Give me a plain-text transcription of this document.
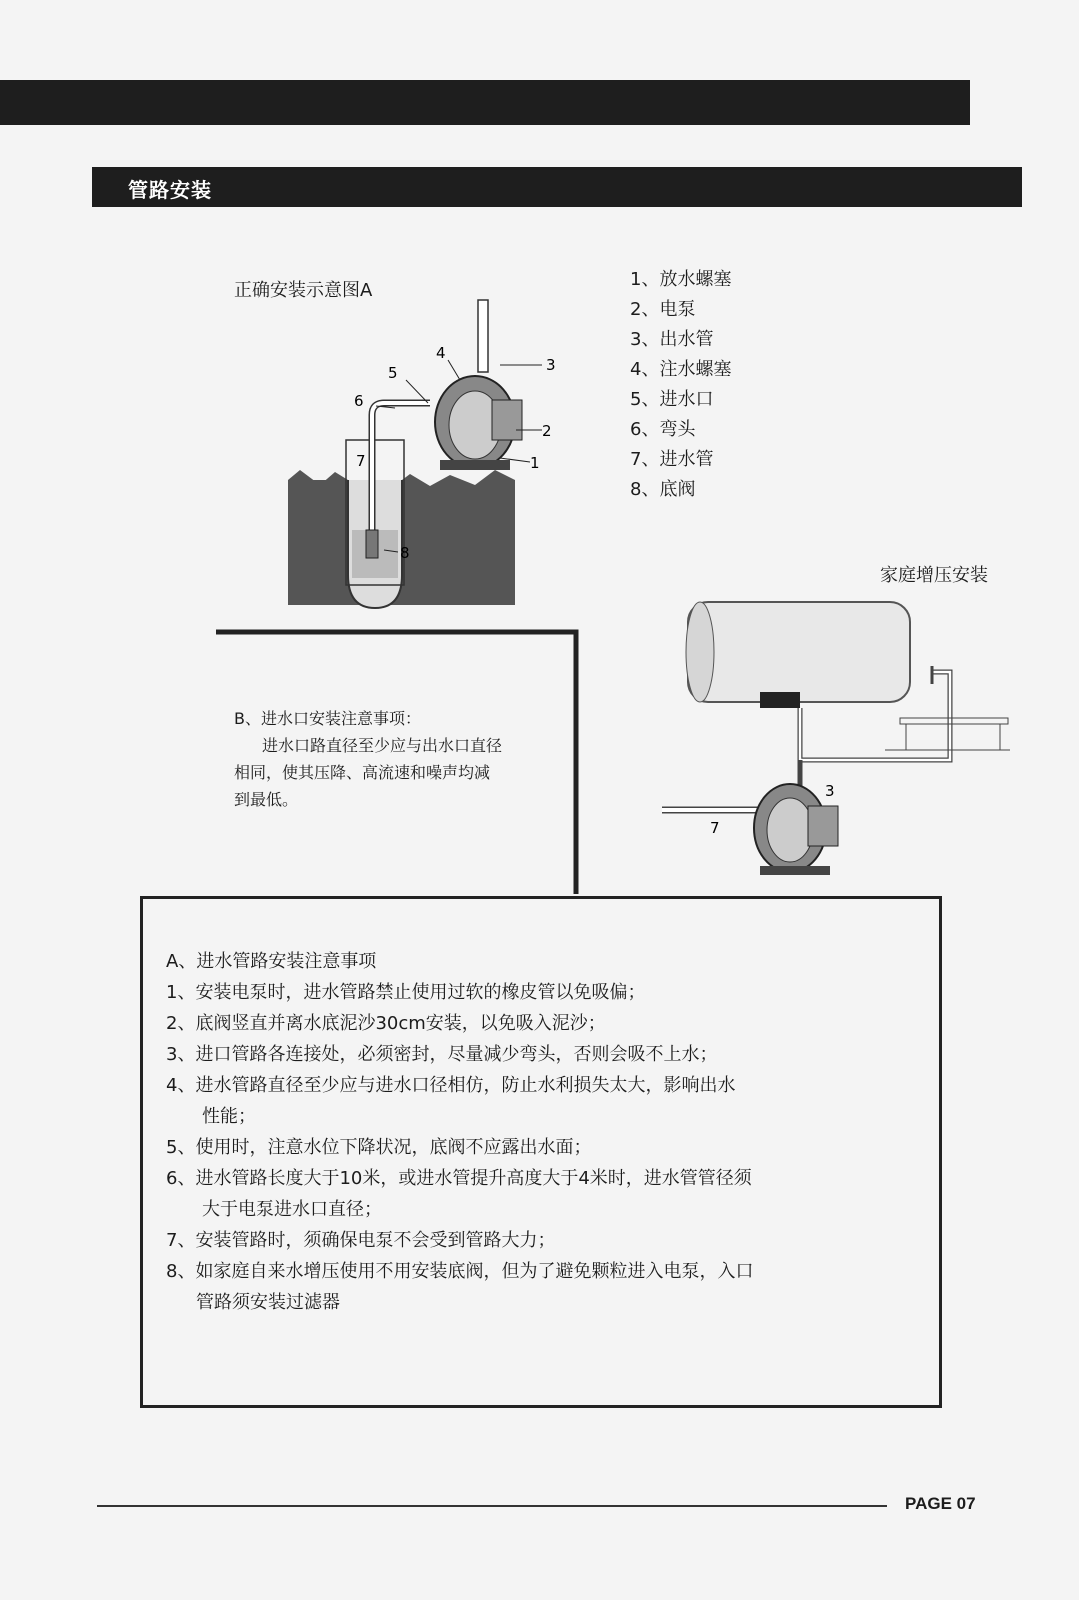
管路安装
正确安装示意图A
3
2
1
4
5
6
7
8
1、放水螺塞
2、电泵
3、出水管
4、注水螺塞
5、进水口
6、弯头
7、进水管
8、底阀
家庭增压安装
3
7
B、进水口安装注意事项：
进水口路直径至少应与出水口直径
相同，使其压降、高流速和噪声均减
到最低。
A、进水管路安装注意事项
1、 安装电泵时，进水管路禁止使用过软的橡皮管以免吸偏；
2、 底阀竖直并离水底泥沙30cm安装，以免吸入泥沙；
3、 进口管路各连接处，必须密封，尽量减少弯头，否则会吸不上水；
4、 进水管路直径至少应与进水口径相仿，防止水利损失太大，影响出水
性能；
5、 使用时，注意水位下降状况，底阀不应露出水面；
6、 进水管路长度大于10米，或进水管提升高度大于4米时，进水管管径须
大于电泵进水口直径；
7、 安装管路时，须确保电泵不会受到管路大力；
8、 如家庭自来水增压使用不用安装底阀，但为了避免颗粒进入电泵，入口
管路须安装过滤器
PAGE 07
